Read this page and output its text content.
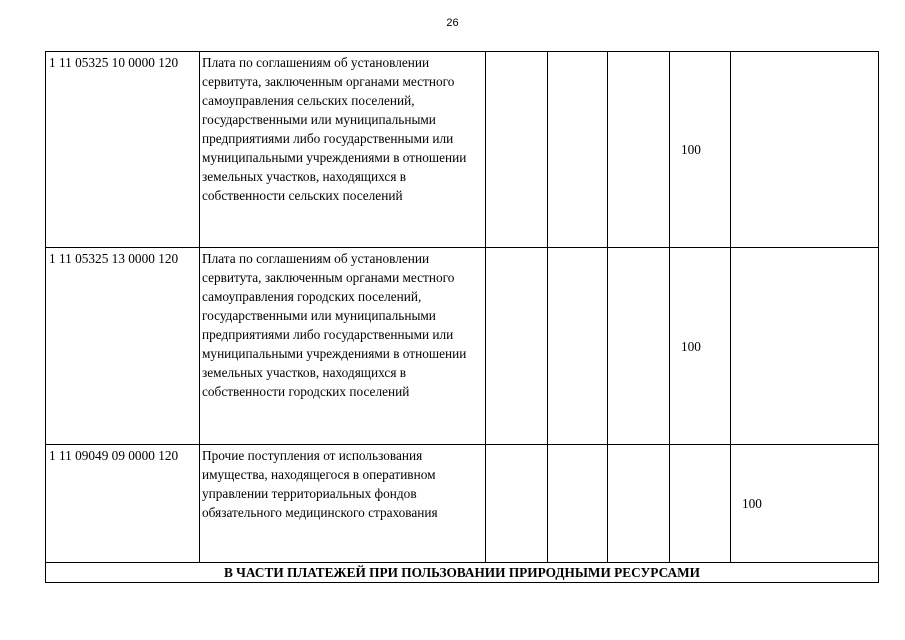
26
1 11 05325 10 0000 120	Плата по соглашениям об установлении сервитута, заключенным органами местного самоуправления сельских поселений, государственными или муниципальными предприятиями либо государственными или муниципальными учреждениями в отношении земельных участков, находящихся в собственности сельских поселений				100	
1 11 05325 13 0000 120	Плата по соглашениям об установлении сервитута, заключенным органами местного самоуправления городских поселений, государственными или муниципальными предприятиями либо государственными или муниципальными учреждениями в отношении земельных участков, находящихся в собственности городских поселений				100	
1 11 09049 09 0000 120	Прочие поступления от использования имущества, находящегося в оперативном управлении территориальных фондов обязательного медицинского страхования					100
В ЧАСТИ ПЛАТЕЖЕЙ ПРИ ПОЛЬЗОВАНИИ ПРИРОДНЫМИ РЕСУРСАМИ						
